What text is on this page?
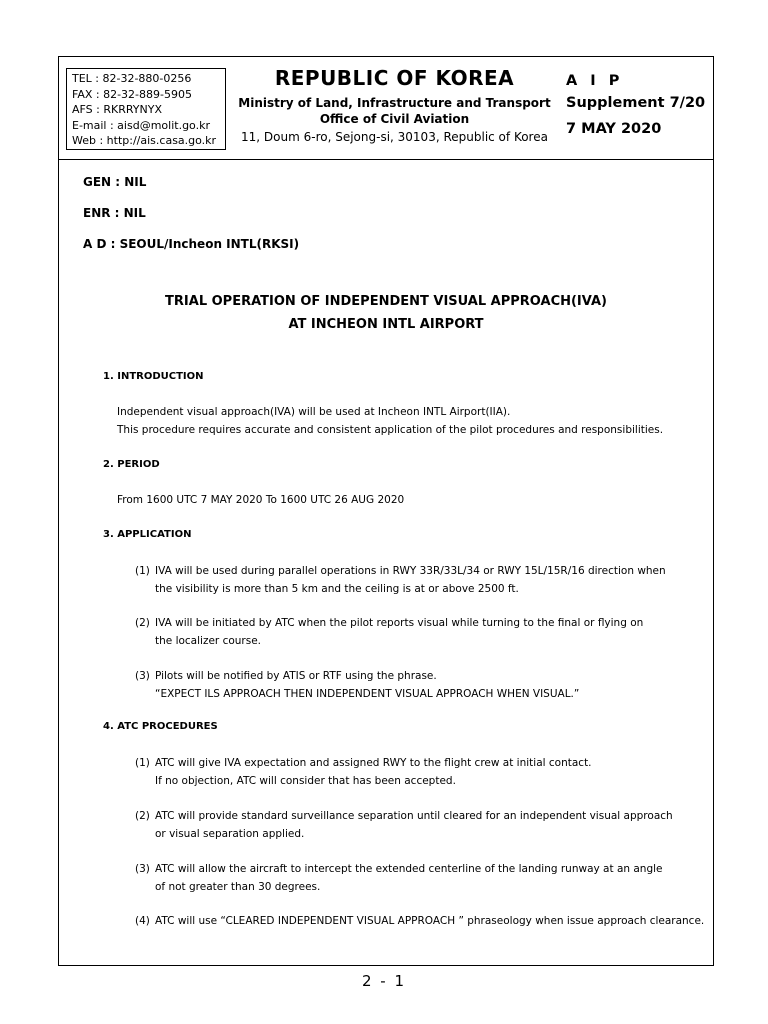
TEL : 82-32-880-0256
FAX : 82-32-889-5905
AFS : RKRRYNYX
E-mail : aisd@molit.go.kr
Web : http://ais.casa.go.kr
REPUBLIC OF KOREA
Ministry of Land, Infrastructure and Transport
Office of Civil Aviation
11, Doum 6-ro, Sejong-si, 30103, Republic of Korea
A I P
Supplement 7/20
7 MAY 2020
GEN : NIL
ENR : NIL
A D : SEOUL/Incheon INTL(RKSI)
TRIAL OPERATION OF INDEPENDENT VISUAL APPROACH(IVA)
AT INCHEON INTL AIRPORT
1. INTRODUCTION
Independent visual approach(IVA) will be used at Incheon INTL Airport(IIA).
This procedure requires accurate and consistent application of the pilot procedures and responsibilities.
2. PERIOD
From 1600 UTC 7 MAY 2020 To 1600 UTC 26 AUG 2020
3. APPLICATION
(1) IVA will be used during parallel operations in RWY 33R/33L/34 or RWY 15L/15R/16 direction when
the visibility is more than 5 km and the ceiling is at or above 2500 ft.
(2) IVA will be initiated by ATC when the pilot reports visual while turning to the final or flying on
the localizer course.
(3) Pilots will be notified by ATIS or RTF using the phrase.
“EXPECT ILS APPROACH THEN INDEPENDENT VISUAL APPROACH WHEN VISUAL.”
4. ATC PROCEDURES
(1) ATC will give IVA expectation and assigned RWY to the flight crew at initial contact.
If no objection, ATC will consider that has been accepted.
(2) ATC will provide standard surveillance separation until cleared for an independent visual approach
or visual separation applied.
(3) ATC will allow the aircraft to intercept the extended centerline of the landing runway at an angle
of not greater than 30 degrees.
(4) ATC will use “CLEARED INDEPENDENT VISUAL APPROACH ” phraseology when issue approach clearance.
2 - 1
